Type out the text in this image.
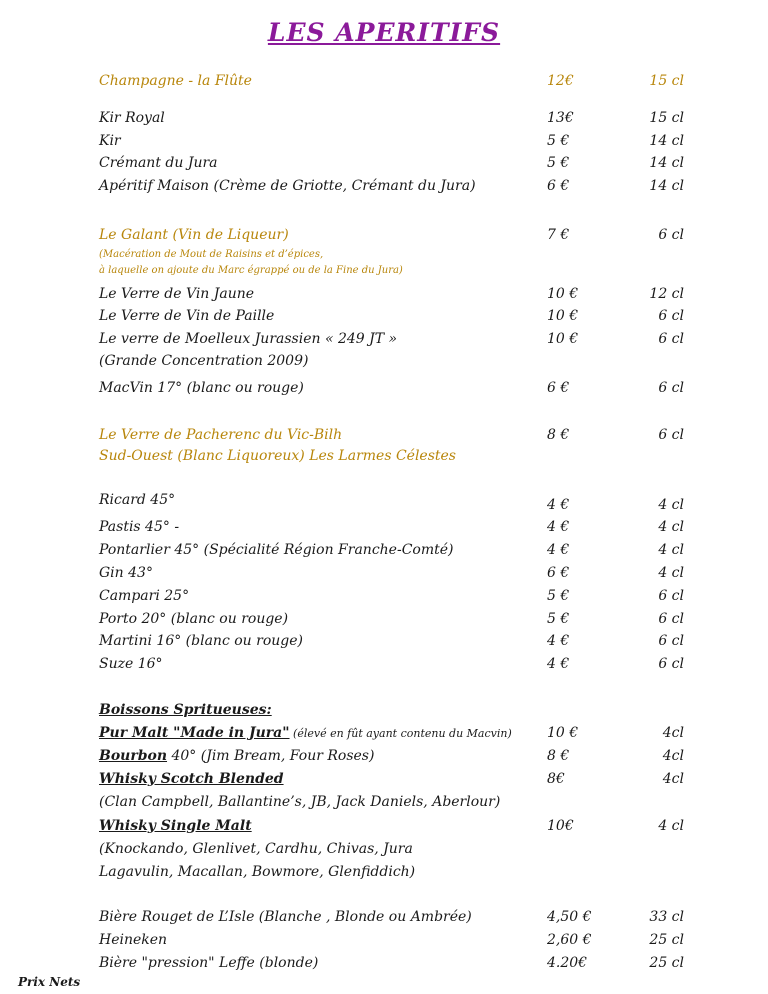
LES APERITIFS
Champagne - la Flûte	12€	15 cl
Kir Royal	13€	15 cl
Kir	5 €	14 cl
Crémant du Jura	5 €	14 cl
Apéritif Maison (Crème de Griotte, Crémant du Jura)	6 €	14 cl
Le Galant (Vin de Liqueur)	7 €	6 cl
(Macération de Mout de Raisins et d’épices,
à laquelle on ajoute du Marc égrappé ou de la Fine du Jura)
Le Verre de Vin Jaune	10 €	12 cl
Le Verre de Vin de Paille	10 €	6 cl
Le verre de Moelleux Jurassien « 249 JT »	10 €	6 cl
(Grande Concentration 2009)
MacVin 17° (blanc ou rouge)	6 €	6 cl
Le Verre de Pacherenc du Vic-Bilh	8 €	6 cl
Sud-Ouest (Blanc Liquoreux) Les Larmes Célestes
Ricard 45°	4 €	4 cl
Pastis 45° -	4 €	4 cl
Pontarlier 45° (Spécialité Région Franche-Comté)	4 €	4 cl
Gin 43°	6 €	4 cl
Campari 25°	5 €	6 cl
Porto 20° (blanc ou rouge)	5 €	6 cl
Martini 16° (blanc ou rouge)	4 €	6 cl
Suze 16°	4 €	6 cl
Boissons Spritueuses:
Pur Malt "Made in Jura" (élevé en fût ayant contenu du Macvin)	10 €	4cl
Bourbon 40° (Jim Bream, Four Roses)	8 €	4cl
Whisky Scotch Blended	8€	4cl
(Clan Campbell, Ballantine’s, JB, Jack Daniels, Aberlour)
Whisky Single Malt	10€	4 cl
(Knockando, Glenlivet, Cardhu, Chivas, Jura
Lagavulin, Macallan, Bowmore, Glenfiddich)
Bière Rouget de L’Isle (Blanche , Blonde ou Ambrée)	4,50 €	33 cl
Heineken	2,60 €	25 cl
Bière "pression" Leffe (blonde)	4.20€	25 cl
Prix Nets
